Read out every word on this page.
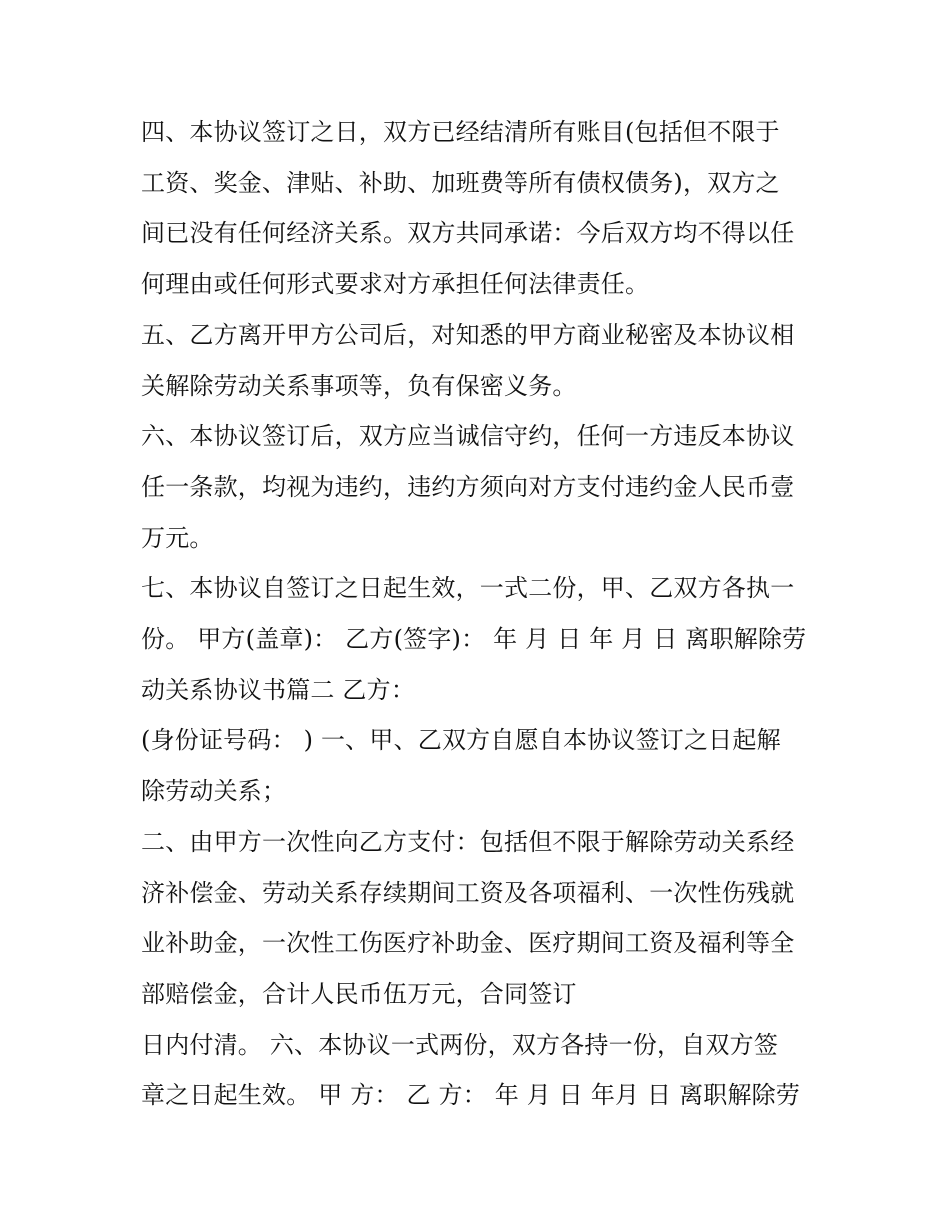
四、本协议签订之日，双方已经结清所有账目(包括但不限于
工资、奖金、津贴、补助、加班费等所有债权债务)，双方之
间已没有任何经济关系。双方共同承诺：今后双方均不得以任
何理由或任何形式要求对方承担任何法律责任。
五、乙方离开甲方公司后，对知悉的甲方商业秘密及本协议相
关解除劳动关系事项等，负有保密义务。
六、本协议签订后，双方应当诚信守约，任何一方违反本协议
任一条款，均视为违约，违约方须向对方支付违约金人民币壹
万元。
七、本协议自签订之日起生效，一式二份，甲、乙双方各执一
份。 甲方(盖章)： 乙方(签字)： 年 月 日 年 月 日 离职解除劳
动关系协议书篇二 乙方：
(身份证号码： ) 一、甲、乙双方自愿自本协议签订之日起解
除劳动关系；
二、由甲方一次性向乙方支付：包括但不限于解除劳动关系经
济补偿金、劳动关系存续期间工资及各项福利、一次性伤残就
业补助金，一次性工伤医疗补助金、医疗期间工资及福利等全
部赔偿金，合计人民币伍万元，合同签订
日内付清。 六、本协议一式两份，双方各持一份，自双方签
章之日起生效。 甲 方： 乙 方： 年 月 日 年月 日 离职解除劳
